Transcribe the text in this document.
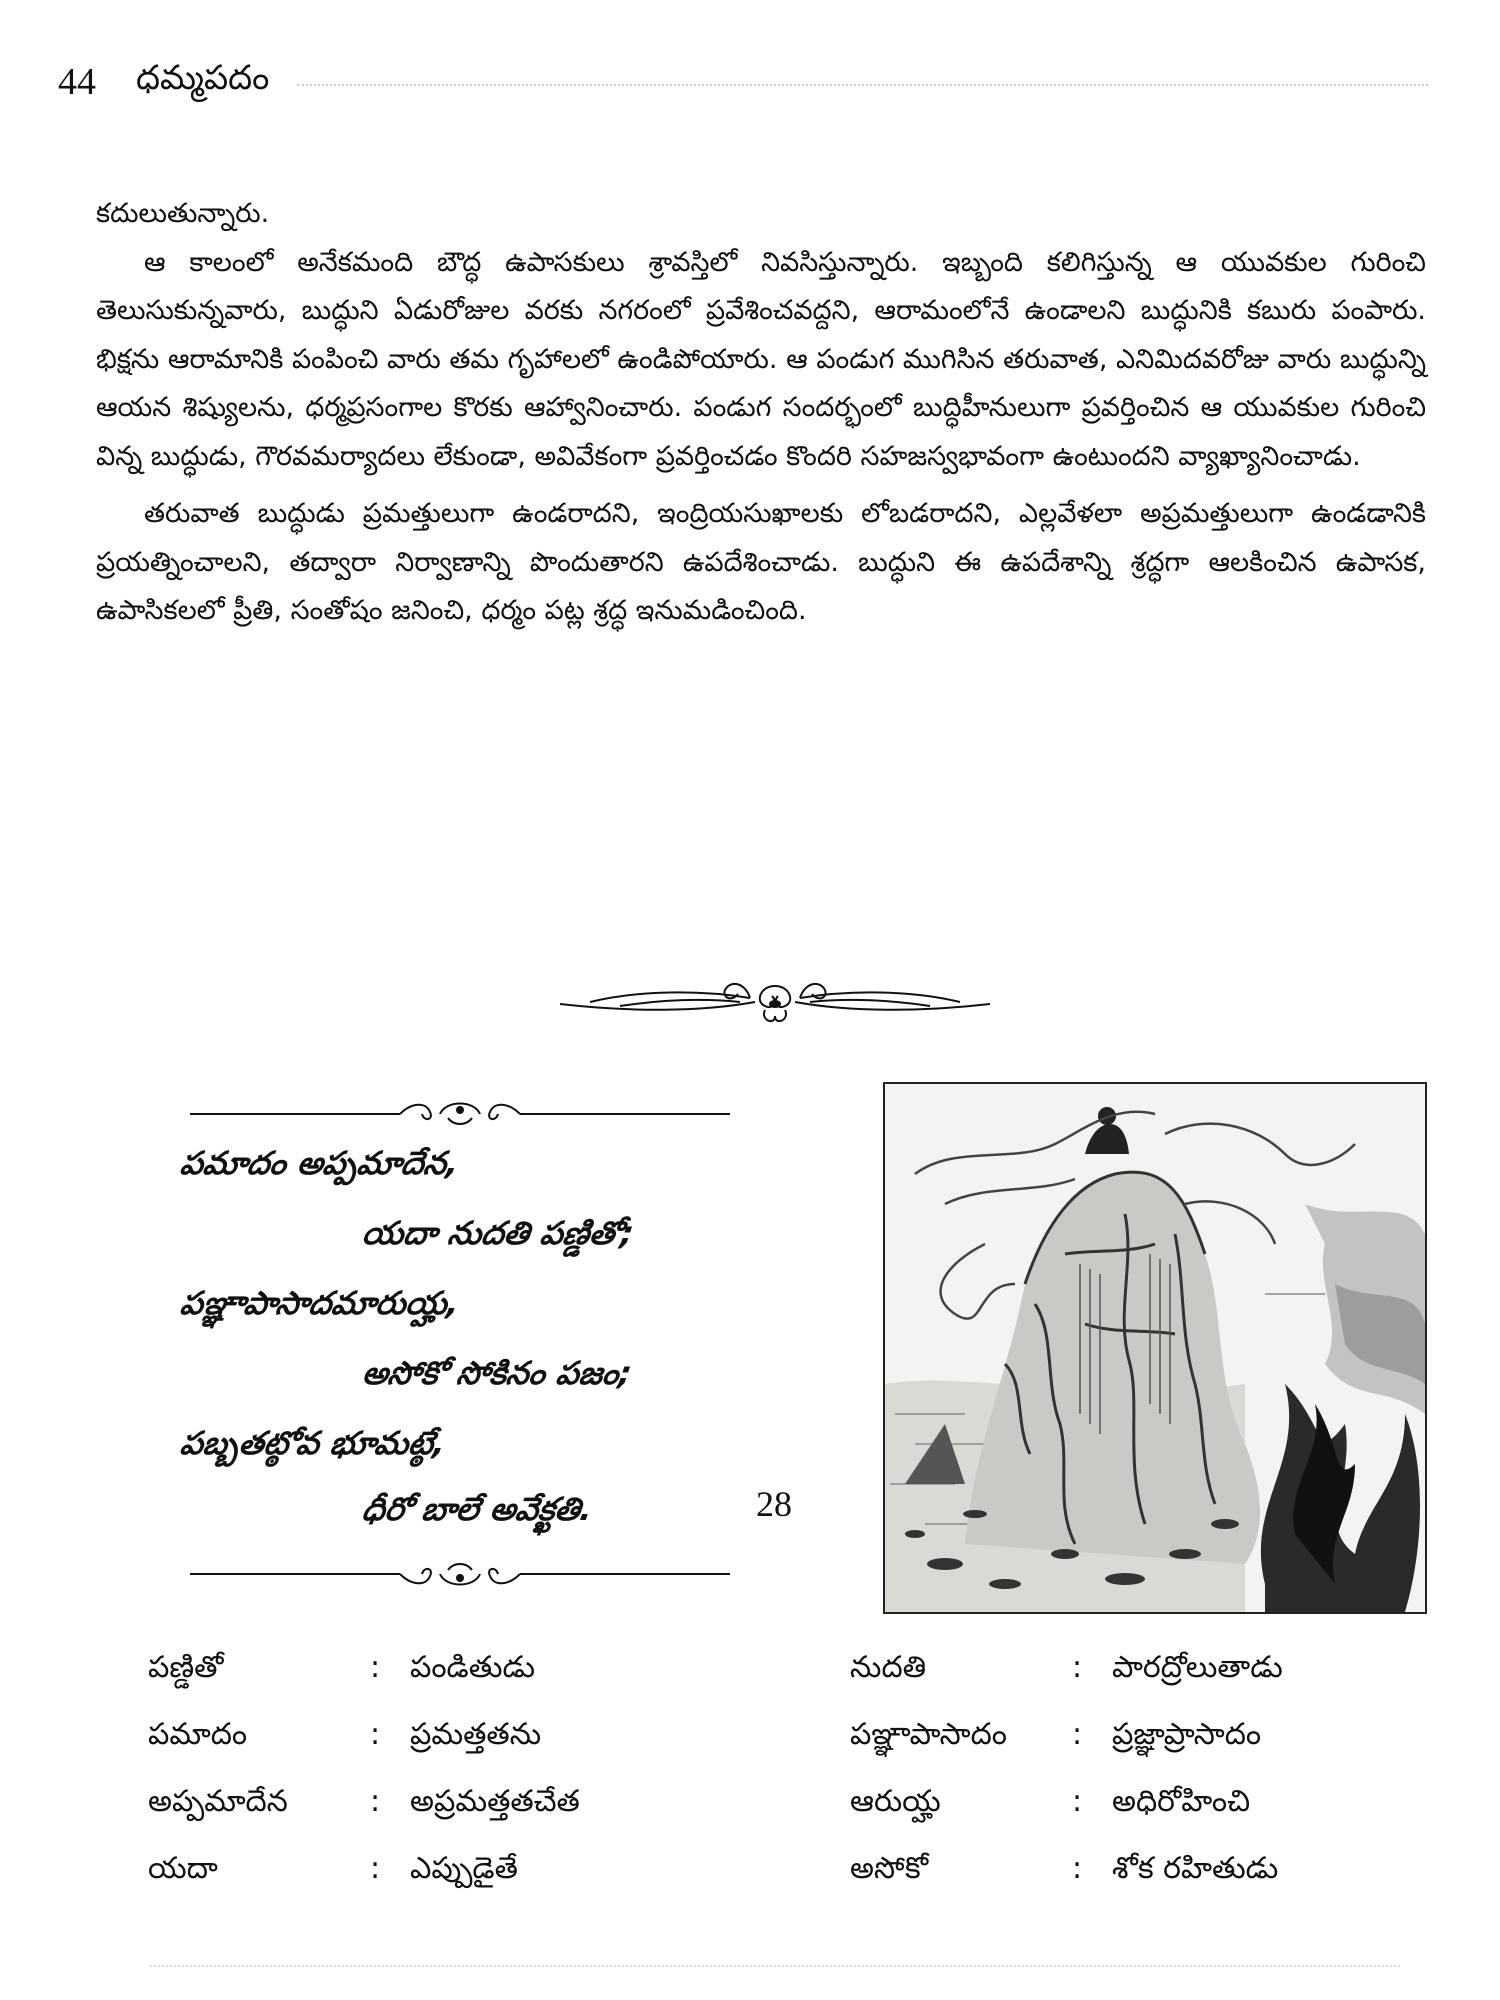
44 ధమ్మపదం

కదులుతున్నారు.

ఆ కాలంలో అనేకమంది బౌద్ధ ఉపాసకులు శ్రావస్తిలో నివసిస్తున్నారు. ఇబ్బంది కలిగిస్తున్న ఆ యువకుల గురించి తెలుసుకున్నవారు, బుద్ధుని ఏడురోజుల వరకు నగరంలో ప్రవేశించవద్దని, ఆరామంలోనే ఉండాలని బుద్ధునికి కబురు పంపారు. భిక్షను ఆరామానికి పంపించి వారు తమ గృహాలలో ఉండిపోయారు. ఆ పండుగ ముగిసిన తరువాత, ఎనిమిదవరోజు వారు బుద్ధున్ని ఆయన శిష్యులను, ధర్మప్రసంగాల కొరకు ఆహ్వానించారు. పండుగ సందర్భంలో బుద్ధిహీనులుగా ప్రవర్తించిన ఆ యువకుల గురించి విన్న బుద్ధుడు, గౌరవమర్యాదలు లేకుండా, అవివేకంగా ప్రవర్తించడం కొందరి సహజస్వభావంగా ఉంటుందని వ్యాఖ్యానించాడు.

తరువాత బుద్ధుడు ప్రమత్తులుగా ఉండరాదని, ఇంద్రియసుఖాలకు లోబడరాదని, ఎల్లవేళలా అప్రమత్తులుగా ఉండడానికి ప్రయత్నించాలని, తద్వారా నిర్వాణాన్ని పొందుతారని ఉపదేశించాడు. బుద్ధుని ఈ ఉపదేశాన్ని శ్రద్ధగా ఆలకించిన ఉపాసక, ఉపాసికలలో ప్రీతి, సంతోషం జనించి, ధర్మం పట్ల శ్రద్ధ ఇనుమడించింది.

పమాదం అప్పమాదేన,
యదా నుదతి పణ్డితో;
పఞ్ఞాపాసాదమారుయ్హ,
అసోకో సోకినం పజం;
పబ్బతట్ఠోవ భూమట్ఠే,
ధీరో బాలే అవేక్ఖతి.	28
పణ్డితో	: పండితుడు	నుదతి	: పారద్రోలుతాడు
పమాదం	: ప్రమత్తతను	పఞ్ఞాపాసాదం : ప్రజ్ఞాప్రాసాదం
అప్పమాదేన	: అప్రమత్తతచేత	ఆరుయ్హ	: అధిరోహించి
యదా	: ఎప్పుడైతే	అసోకో	: శోక రహితుడు
